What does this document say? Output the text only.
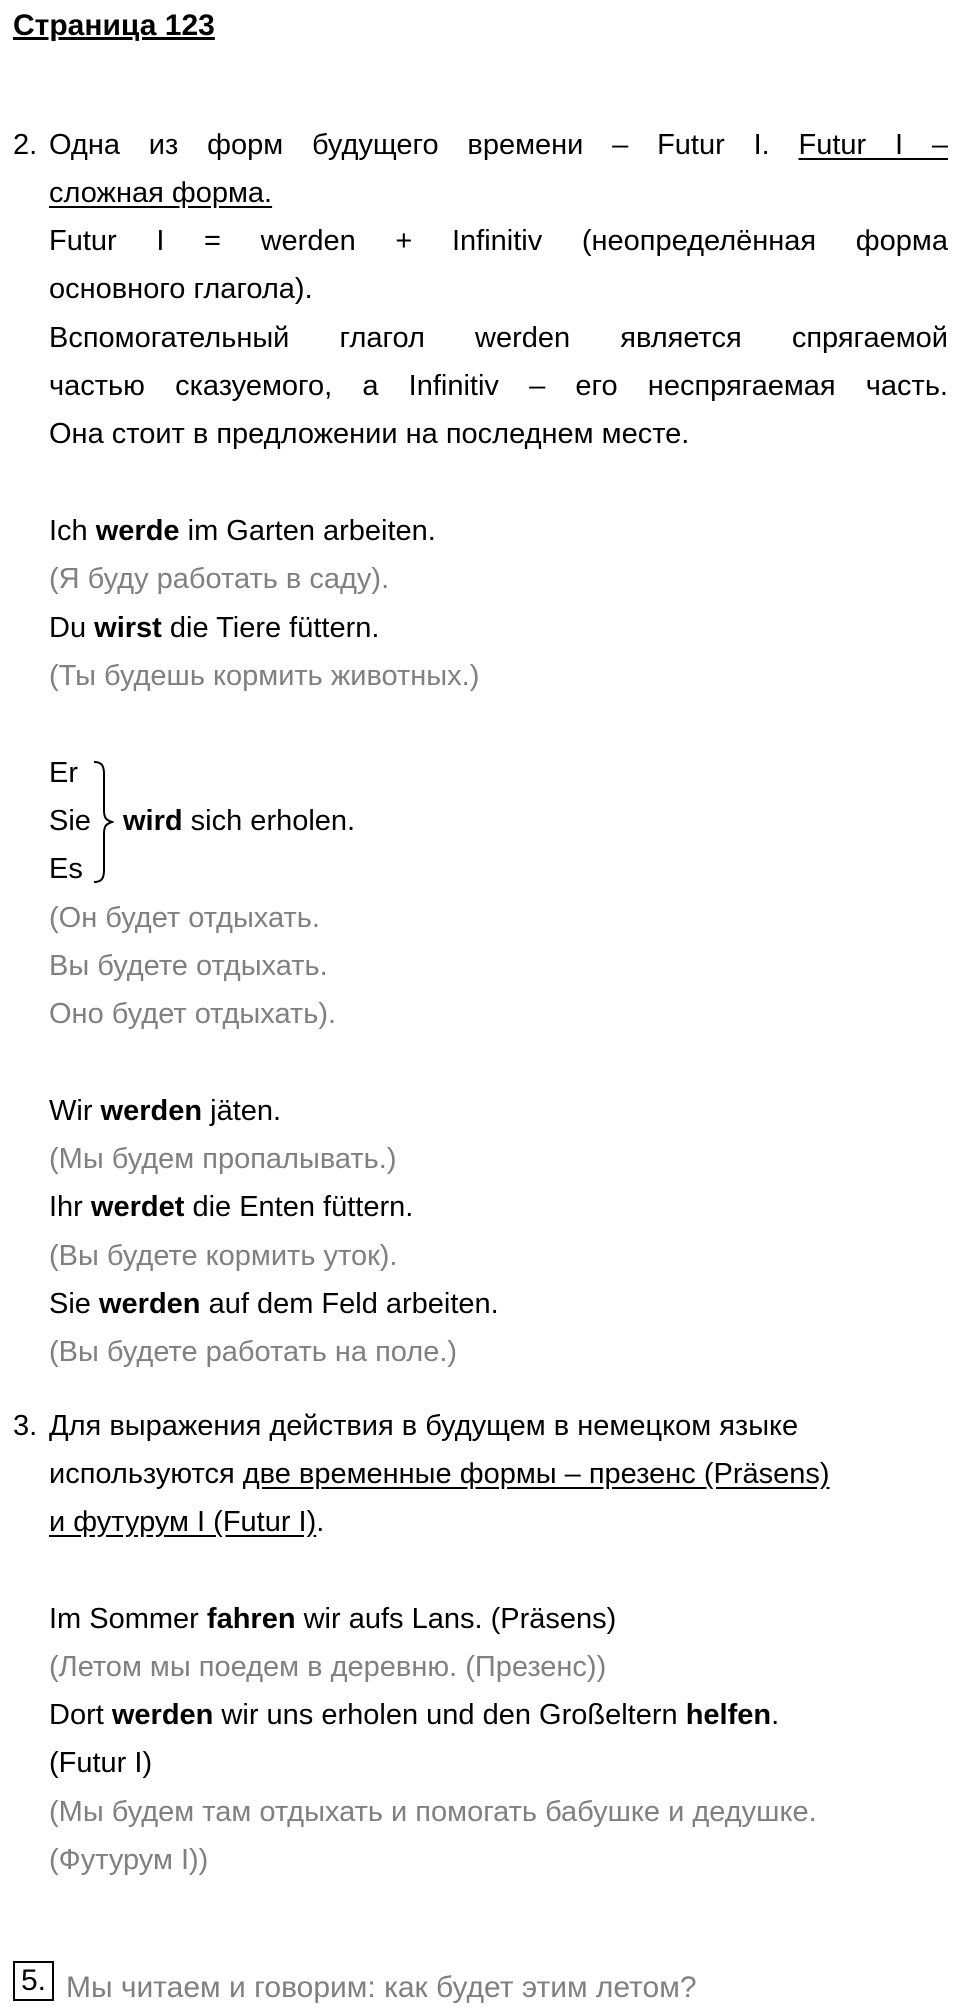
Страница 123
2. Одна из форм будущего времени – Futur I. Futur I –
сложная форма.
Futur I = werden + Infinitiv (неопределённая форма
основного глагола).
Вспомогательный глагол werden является спрягаемой
частью сказуемого, а Infinitiv – его неспрягаемая часть.
Она стоит в предложении на последнем месте.
Ich werde im Garten arbeiten.
(Я буду работать в саду).
Du wirst die Tiere füttern.
(Ты будешь кормить животных.)
Er
Sie
Es
wird sich erholen.
(Он будет отдыхать.
Вы будете отдыхать.
Оно будет отдыхать).
Wir werden jäten.
(Мы будем пропалывать.)
Ihr werdet die Enten füttern.
(Вы будете кормить уток).
Sie werden auf dem Feld arbeiten.
(Вы будете работать на поле.)
3. Для выражения действия в будущем в немецком языке
используются две временные формы – презенс (Präsens)
и футурум I (Futur I).
Im Sommer fahren wir aufs Lans. (Präsens)
(Летом мы поедем в деревню. (Презенс))
Dort werden wir uns erholen und den Großeltern helfen.
(Futur I)
(Мы будем там отдыхать и помогать бабушке и дедушке.
(Футурум I))
5. Мы читаем и говорим: как будет этим летом?
